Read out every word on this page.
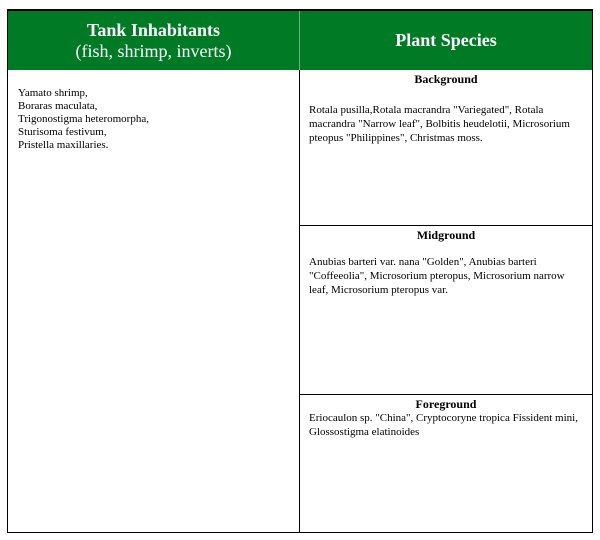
Tank Inhabitants
(fish, shrimp, inverts)
Plant Species
Yamato shrimp,
Boraras maculata,
Trigonostigma heteromorpha,
Sturisoma festivum,
Pristella maxillaries.
Background
Rotala pusilla,Rotala macrandra "Variegated", Rotala macrandra "Narrow leaf", Bolbitis heudelotii, Microsorium pteopus "Philippines", Christmas moss.
Midground
Anubias barteri var. nana "Golden", Anubias barteri "Coffeeolia", Microsorium pteropus, Microsorium narrow leaf, Microsorium pteropus var.
Foreground
Eriocaulon sp. "China", Cryptocoryne tropica Fissident mini, Glossostigma elatinoides
